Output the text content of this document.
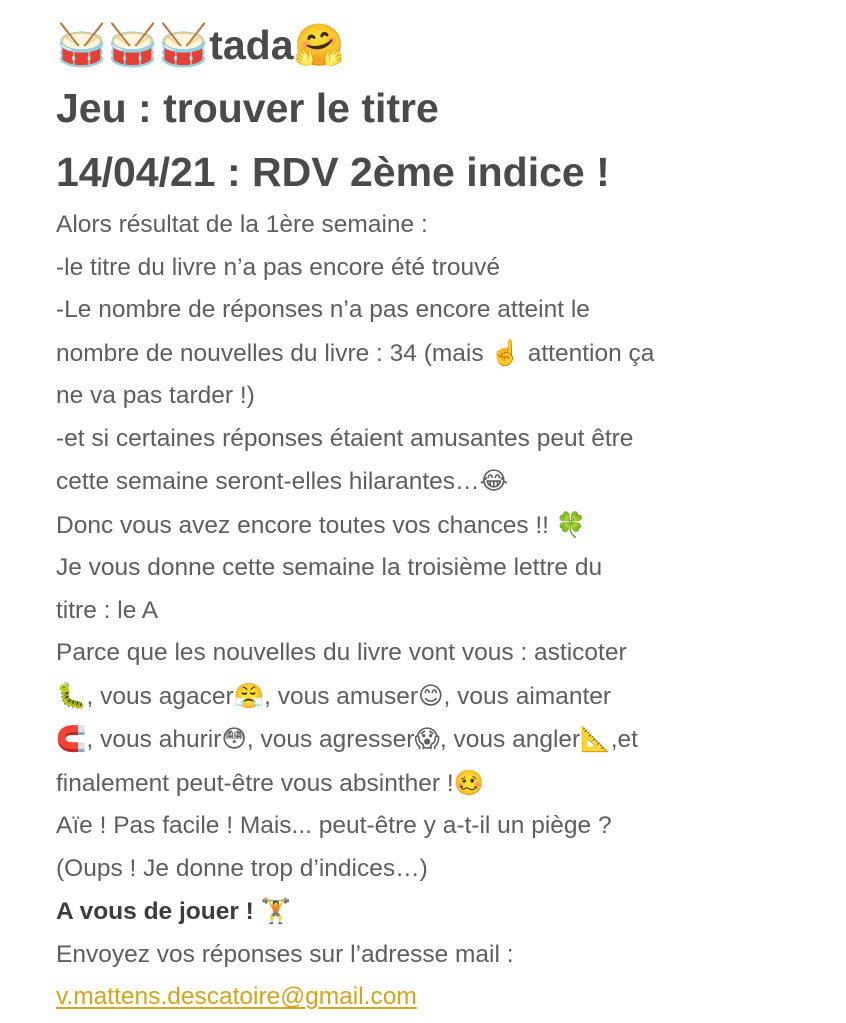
🥁🥁🥁tada🤗
Jeu : trouver le titre
14/04/21 : RDV 2ème indice !
Alors résultat de la 1ère semaine :
-le titre du livre n’a pas encore été trouvé
-Le nombre de réponses n’a pas encore atteint le
nombre de nouvelles du livre : 34 (mais ☝️ attention ça
ne va pas tarder !)
-et si certaines réponses étaient amusantes peut être
cette semaine seront-elles hilarantes…😂
Donc vous avez encore toutes vos chances !! 🍀
Je vous donne cette semaine la troisième lettre du
titre : le A
Parce que les nouvelles du livre vont vous : asticoter
🐛, vous agacer😤, vous amuser😊, vous aimanter
🧲, vous ahurir😳, vous agresser😱, vous angler📐,et
finalement peut-être vous absinther !🥴
Aïe ! Pas facile ! Mais... peut-être y a-t-il un piège ?
(Oups ! Je donne trop d’indices…)
A vous de jouer ! 🏋️
Envoyez vos réponses sur l’adresse mail :
v.mattens.descatoire@gmail.com
